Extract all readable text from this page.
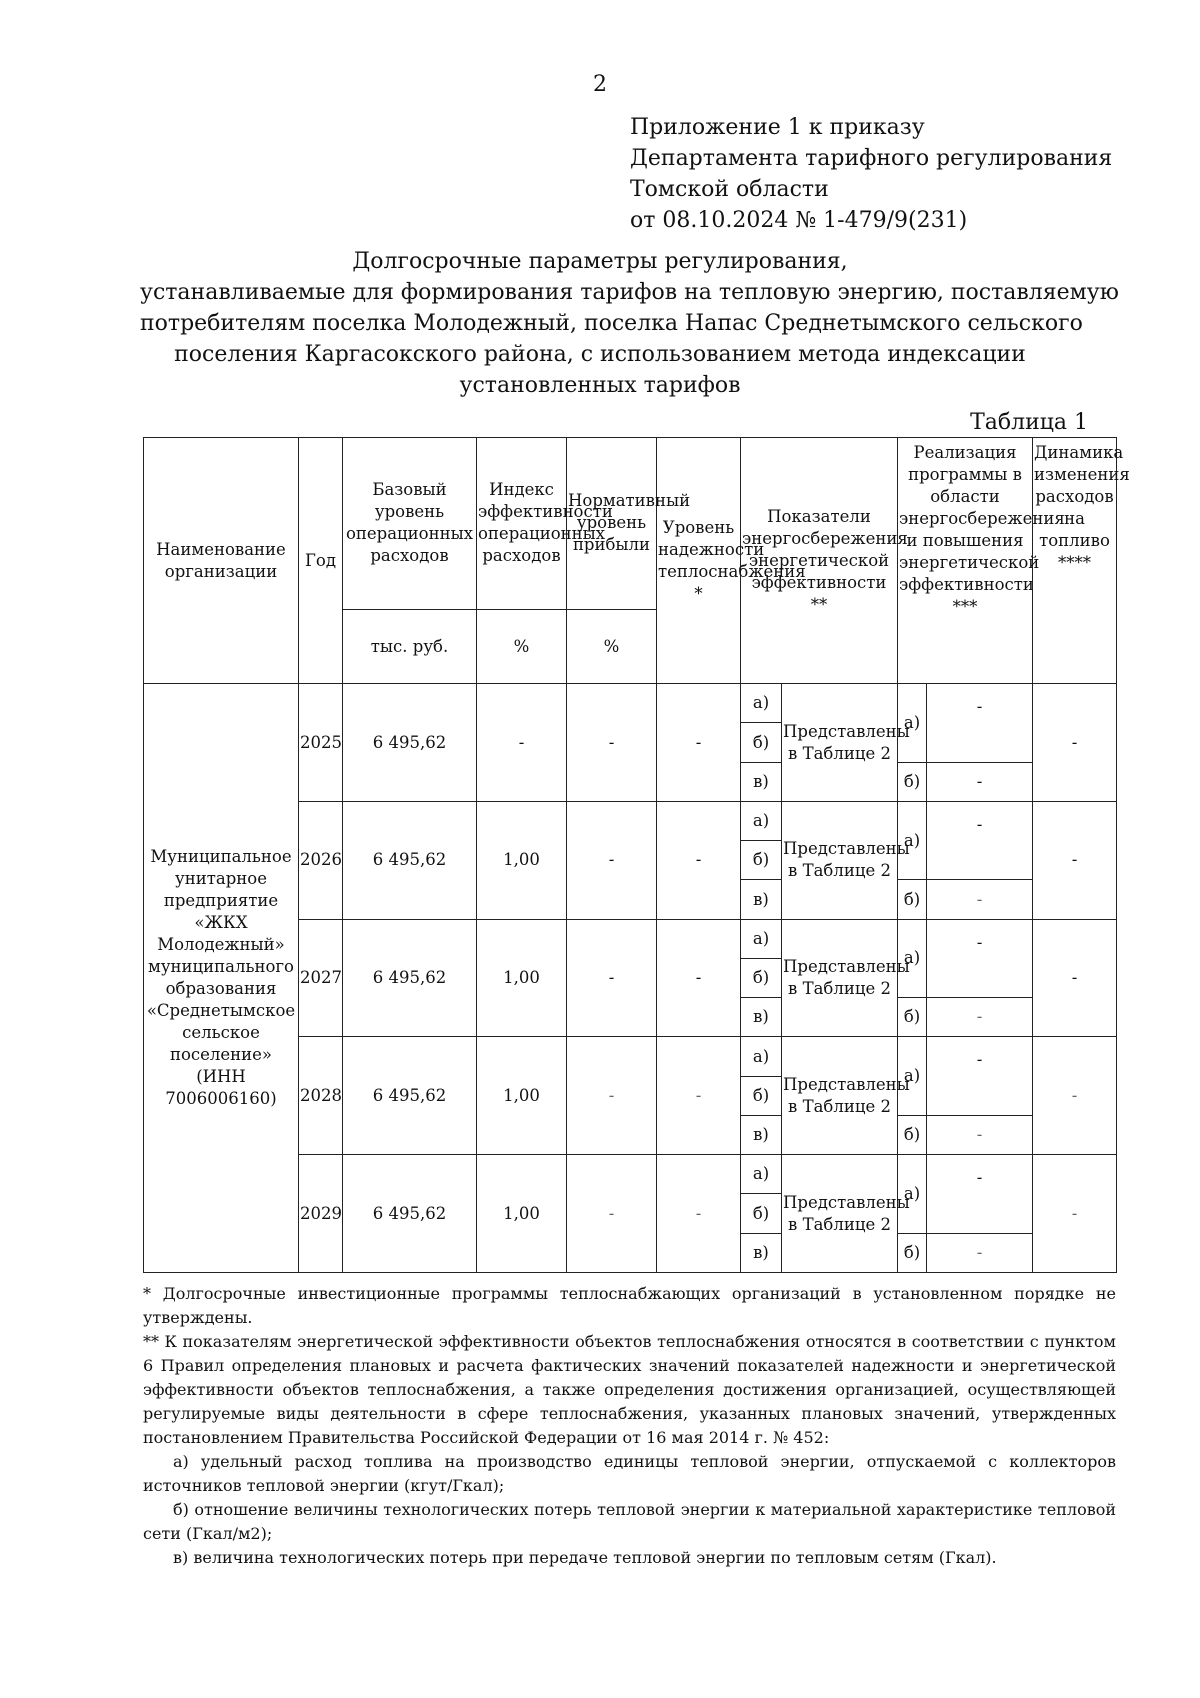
2
Приложение 1 к приказу
Департамента тарифного регулирования
Томской области
от 08.10.2024 № 1-479/9(231)
Долгосрочные параметры регулирования,
устанавливаемые для формирования тарифов на тепловую энергию, поставляемую
потребителям поселка Молодежный, поселка Напас Среднетымского сельского
поселения Каргасокского района, с использованием метода индексации
установленных тарифов
Таблица 1
Наименование организации	Год	Базовый уровень операционных расходов	Индекс эффективности операционных расходов	Нормативный уровень прибыли	Уровень надежности теплоснабжения *	Показатели энергосбережения энергетической эффективности **		Реализация программы в области энергосбережения и повышения энергетической эффективности ***		Динамика изменения расходов на топливо ****
		тыс. руб.	%	%						
Муниципальное унитарное предприятие «ЖКХ Молодежный» муниципального образования «Среднетымское сельское поселение» (ИНН 7006006160)	2025	6 495,62	-	-	-	а)	Представлены в Таблице 2	а)	-	-
						б)				
						в)		б)	-	
	2026	6 495,62	1,00	-	-	а)	Представлены в Таблице 2	а)	-	-
						б)				
						в)		б)	-	
	2027	6 495,62	1,00	-	-	а)	Представлены в Таблице 2	а)	-	-
						б)				
						в)		б)	-	
	2028	6 495,62	1,00	-	-	а)	Представлены в Таблице 2	а)	-	-
						б)				
						в)		б)	-	
	2029	6 495,62	1,00	-	-	а)	Представлены в Таблице 2	а)	-	-
						б)				
						в)		б)	-	

* Долгосрочные инвестиционные программы теплоснабжающих организаций в установленном порядке не утверждены.

** К показателям энергетической эффективности объектов теплоснабжения относятся в соответствии с пунктом 6 Правил определения плановых и расчета фактических значений показателей надежности и энергетической эффективности объектов теплоснабжения, а также определения достижения организацией, осуществляющей регулируемые виды деятельности в сфере теплоснабжения, указанных плановых значений, утвержденных постановлением Правительства Российской Федерации от 16 мая 2014 г. № 452:

а) удельный расход топлива на производство единицы тепловой энергии, отпускаемой с коллекторов источников тепловой энергии (кгут/Гкал);

б) отношение величины технологических потерь тепловой энергии к материальной характеристике тепловой сети (Гкал/м2);

в) величина технологических потерь при передаче тепловой энергии по тепловым сетям (Гкал).
